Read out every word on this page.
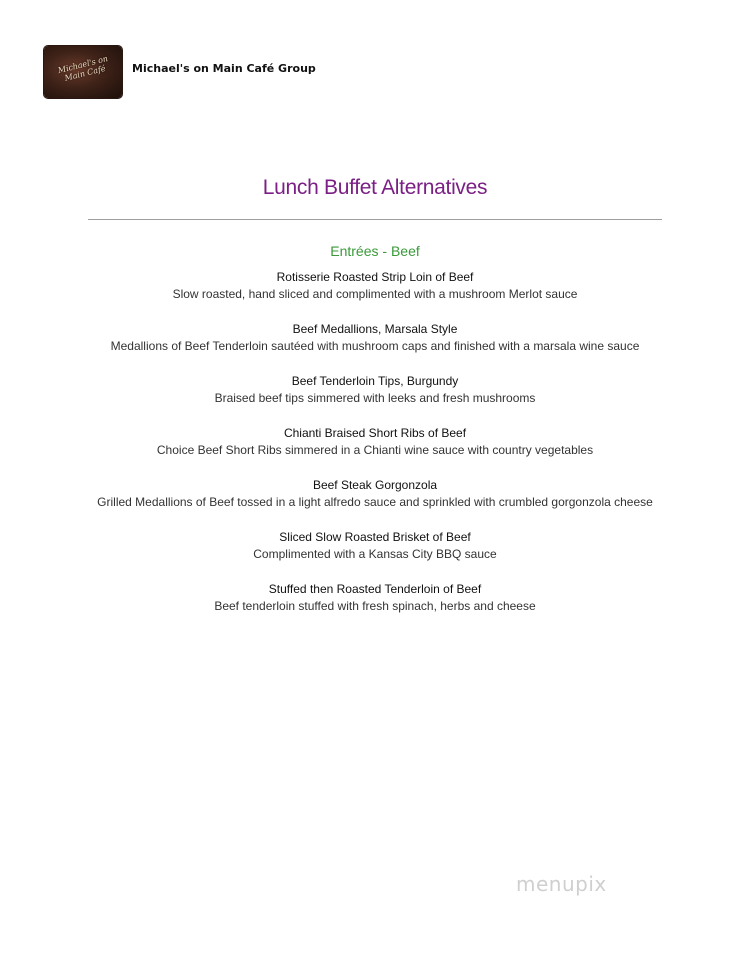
Michael's on Main Café	Michael's on Main Café Group
Lunch Buffet Alternatives
Entrées - Beef
Rotisserie Roasted Strip Loin of Beef
Slow roasted, hand sliced and complimented with a mushroom Merlot sauce
Beef Medallions, Marsala Style
Medallions of Beef Tenderloin sautéed with mushroom caps and finished with a marsala wine sauce
Beef Tenderloin Tips, Burgundy
Braised beef tips simmered with leeks and fresh mushrooms
Chianti Braised Short Ribs of Beef
Choice Beef Short Ribs simmered in a Chianti wine sauce with country vegetables
Beef Steak Gorgonzola
Grilled Medallions of Beef tossed in a light alfredo sauce and sprinkled with crumbled gorgonzola cheese
Sliced Slow Roasted Brisket of Beef
Complimented with a Kansas City BBQ sauce
Stuffed then Roasted Tenderloin of Beef
Beef tenderloin stuffed with fresh spinach, herbs and cheese
menupix
